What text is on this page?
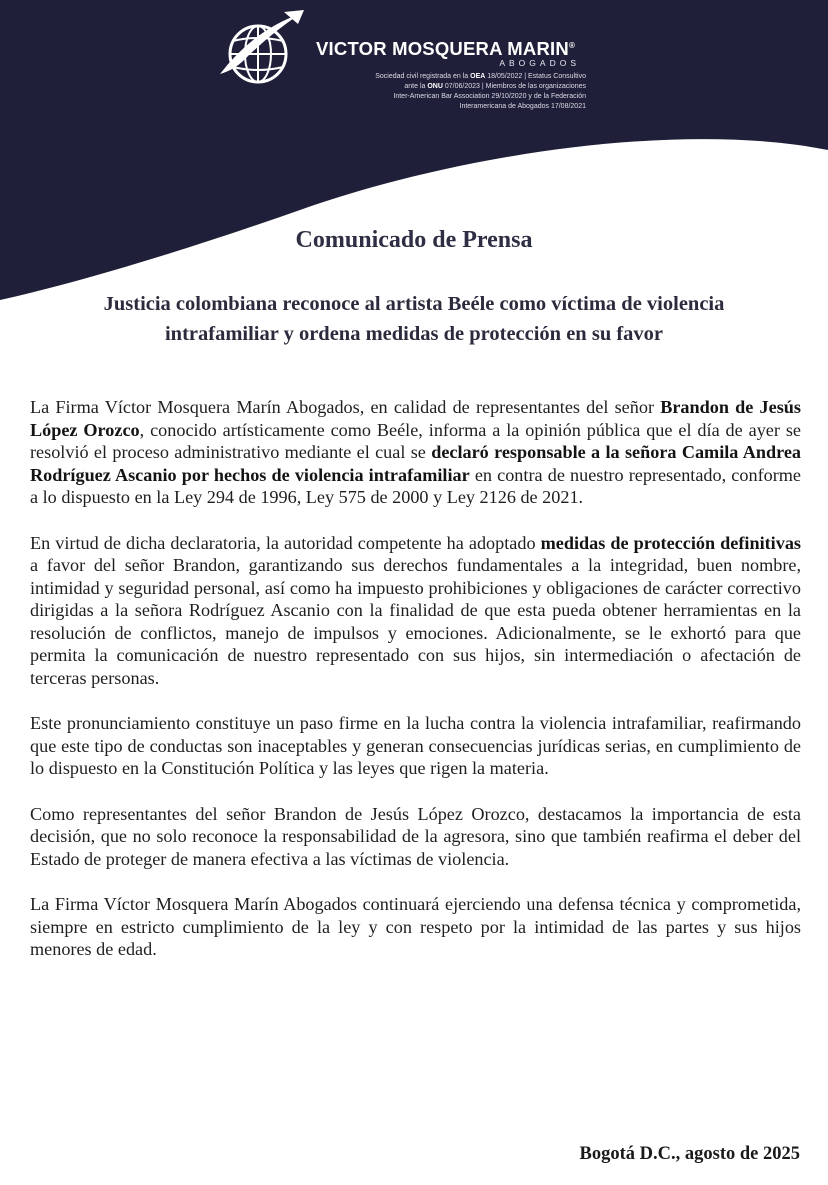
VICTOR MOSQUERA MARIN®
ABOGADOS
Sociedad civil registrada en la OEA 18/05/2022 | Estatus Consultivo
ante la ONU 07/06/2023 | Miembros de las organizaciones
Inter-American Bar Association 29/10/2020 y de la Federación
Interamericana de Abogados 17/08/2021
Comunicado de Prensa
Justicia colombiana reconoce al artista Beéle como víctima de violencia
intrafamiliar y ordena medidas de protección en su favor

La Firma Víctor Mosquera Marín Abogados, en calidad de representantes del señor Brandon de Jesús López Orozco, conocido artísticamente como Beéle, informa a la opinión pública que el día de ayer se resolvió el proceso administrativo mediante el cual se declaró responsable a la señora Camila Andrea Rodríguez Ascanio por hechos de violencia intrafamiliar en contra de nuestro representado, conforme a lo dispuesto en la Ley 294 de 1996, Ley 575 de 2000 y Ley 2126 de 2021.

En virtud de dicha declaratoria, la autoridad competente ha adoptado medidas de protección definitivas a favor del señor Brandon, garantizando sus derechos fundamentales a la integridad, buen nombre, intimidad y seguridad personal, así como ha impuesto prohibiciones y obligaciones de carácter correctivo dirigidas a la señora Rodríguez Ascanio con la finalidad de que esta pueda obtener herramientas en la resolución de conflictos, manejo de impulsos y emociones. Adicionalmente, se le exhortó para que permita la comunicación de nuestro representado con sus hijos, sin intermediación o afectación de terceras personas.

Este pronunciamiento constituye un paso firme en la lucha contra la violencia intrafamiliar, reafirmando que este tipo de conductas son inaceptables y generan consecuencias jurídicas serias, en cumplimiento de lo dispuesto en la Constitución Política y las leyes que rigen la materia.

Como representantes del señor Brandon de Jesús López Orozco, destacamos la importancia de esta decisión, que no solo reconoce la responsabilidad de la agresora, sino que también reafirma el deber del Estado de proteger de manera efectiva a las víctimas de violencia.

La Firma Víctor Mosquera Marín Abogados continuará ejerciendo una defensa técnica y comprometida, siempre en estricto cumplimiento de la ley y con respeto por la intimidad de las partes y sus hijos menores de edad.

Bogotá D.C., agosto de 2025
